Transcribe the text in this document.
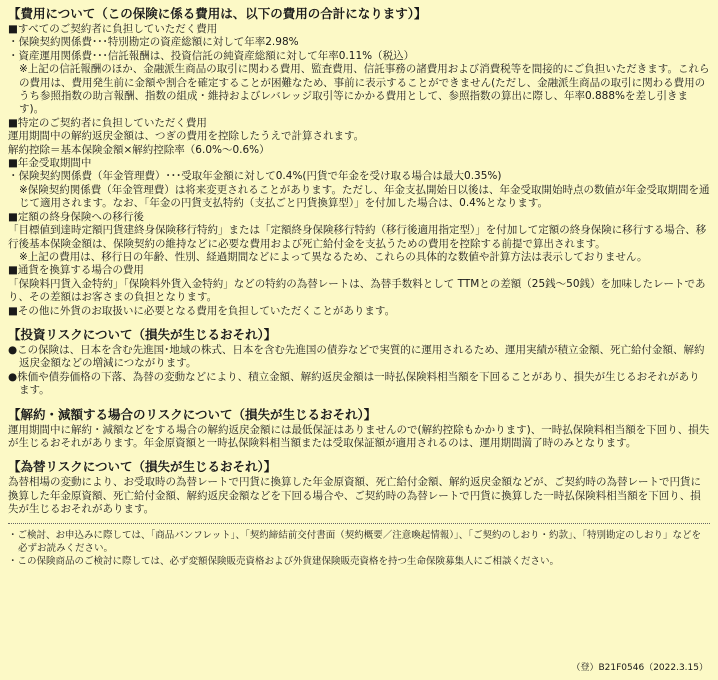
【費用について（この保険に係る費用は、以下の費用の合計になります）】

■すべてのご契約者に負担していただく費用

・保険契約関係費･･･特別勘定の資産総額に対して年率2.98%

・資産運用関係費･･･信託報酬は、投資信託の純資産総額に対して年率0.11%（税込）

※上記の信託報酬のほか、金融派生商品の取引に関わる費用、監査費用、信託事務の諸費用および消費税等を間接的にご負担いただきます。これらの費用は、費用発生前に金額や割合を確定することが困難なため、事前に表示することができません(ただし、金融派生商品の取引に関わる費用のうち参照指数の助言報酬、指数の組成・維持およびレバレッジ取引等にかかる費用として、参照指数の算出に際し、年率0.888%を差し引きます)。

■特定のご契約者に負担していただく費用

運用期間中の解約返戻金額は、つぎの費用を控除したうえで計算されます。

解約控除＝基本保険金額×解約控除率（6.0%～0.6%）

■年金受取期間中

・保険契約関係費（年金管理費）･･･受取年金額に対して0.4%(円貨で年金を受け取る場合は最大0.35%)

※保険契約関係費（年金管理費）は将来変更されることがあります。ただし、年金支払開始日以後は、年金受取開始時点の数値が年金受取期間を通じて適用されます。なお、「年金の円貨支払特約（支払ごと円貨換算型）」を付加した場合は、0.4%となります。

■定額の終身保険への移行後

「目標値到達時定額円貨建終身保険移行特約」または「定額終身保険移行特約（移行後適用指定型）」を付加して定額の終身保険に移行する場合、移行後基本保険金額は、保険契約の維持などに必要な費用および死亡給付金を支払うための費用を控除する前提で算出されます。

※上記の費用は、移行日の年齢、性別、経過期間などによって異なるため、これらの具体的な数値や計算方法は表示しておりません。

■通貨を換算する場合の費用

「保険料円貨入金特約」「保険料外貨入金特約」などの特約の為替レートは、為替手数料として TTMとの差額（25銭～50銭）を加味したレートであり、その差額はお客さまの負担となります。

■その他に外貨のお取扱いに必要となる費用を負担していただくことがあります。

【投資リスクについて（損失が生じるおそれ）】

●この保険は、日本を含む先進国･地域の株式、日本を含む先進国の債券などで実質的に運用されるため、運用実績が積立金額、死亡給付金額、解約返戻金額などの増減につながります。

●株価や債券価格の下落、為替の変動などにより、積立金額、解約返戻金額は一時払保険料相当額を下回ることがあり、損失が生じるおそれがあります。

【解約・減額する場合のリスクについて（損失が生じるおそれ）】

運用期間中に解約・減額などをする場合の解約返戻金額には最低保証はありませんので(解約控除もかかります)、一時払保険料相当額を下回り、損失が生じるおそれがあります。年金原資額と一時払保険料相当額または受取保証額が適用されるのは、運用期間満了時のみとなります。

【為替リスクについて（損失が生じるおそれ）】

為替相場の変動により、お受取時の為替レートで円貨に換算した年金原資額、死亡給付金額、解約返戻金額などが、ご契約時の為替レートで円貨に換算した年金原資額、死亡給付金額、解約返戻金額などを下回る場合や、ご契約時の為替レートで円貨に換算した一時払保険料相当額を下回り、損失が生じるおそれがあります。

・ご検討、お申込みに際しては、「商品パンフレット」、「契約締結前交付書面（契約概要／注意喚起情報）」、「ご契約のしおり・約款」、「特別勘定のしおり」などを必ずお読みください。

・この保険商品のご検討に際しては、必ず変額保険販売資格および外貨建保険販売資格を持つ生命保険募集人にご相談ください。

（登）B21F0546（2022.3.15）
